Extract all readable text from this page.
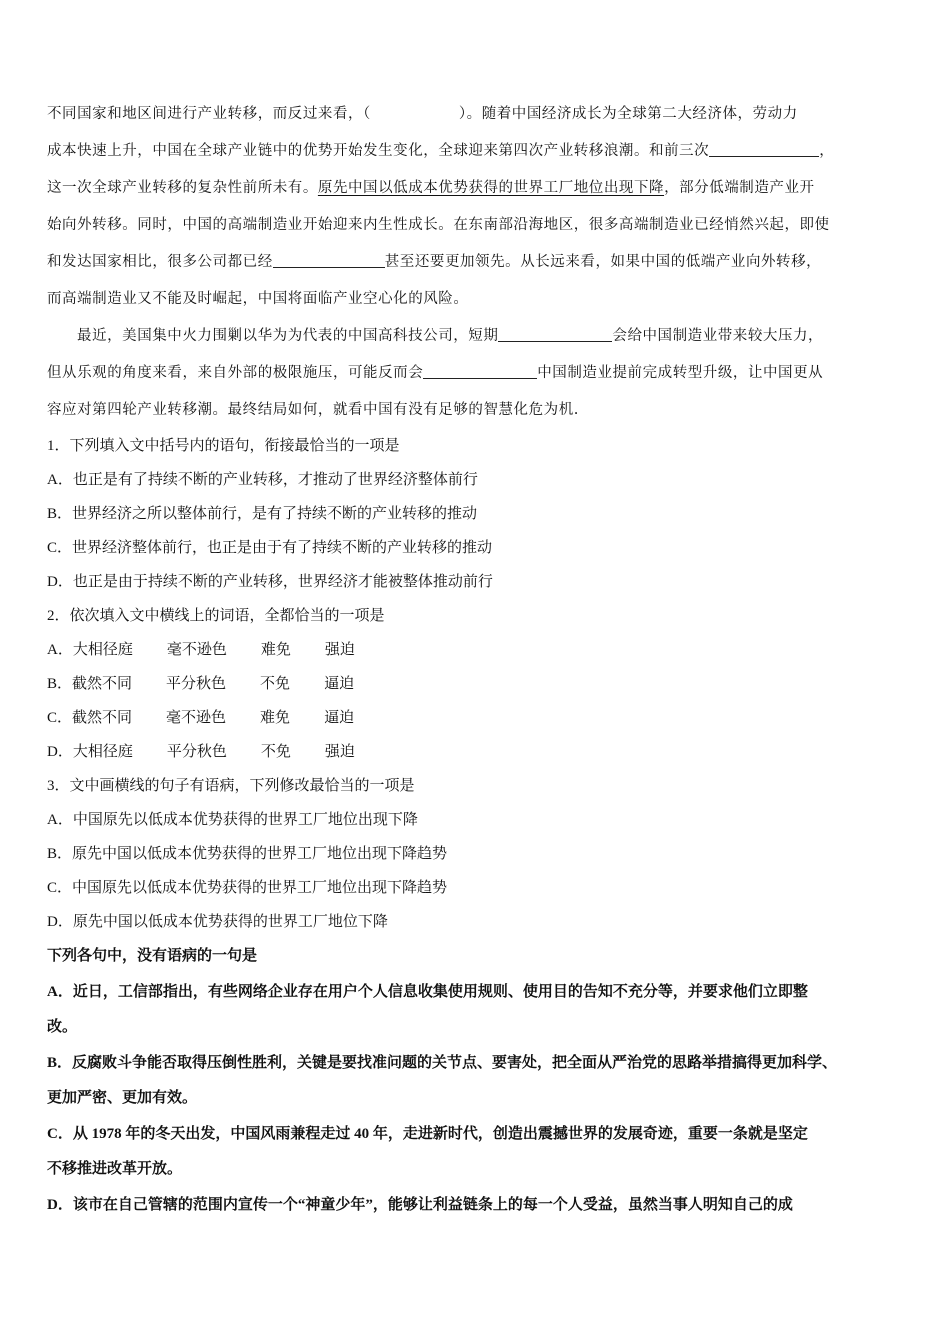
不同国家和地区间进行产业转移，而反过来看，（	）。随着中国经济成长为全球第二大经济体，劳动力
成本快速上升，中国在全球产业链中的优势开始发生变化，全球迎来第四次产业转移浪潮。和前三次	，
这一次全球产业转移的复杂性前所未有。原先中国以低成本优势获得的世界工厂地位出现下降，部分低端制造产业开
始向外转移。同时，中国的高端制造业开始迎来内生性成长。在东南部沿海地区，很多高端制造业已经悄然兴起，即使
和发达国家相比，很多公司都已经	甚至还要更加领先。从长远来看，如果中国的低端产业向外转移，
而高端制造业又不能及时崛起，中国将面临产业空心化的风险。
最近，美国集中火力围剿以华为为代表的中国高科技公司，短期	会给中国制造业带来较大压力，
但从乐观的角度来看，来自外部的极限施压，可能反而会	中国制造业提前完成转型升级，让中国更从
容应对第四轮产业转移潮。最终结局如何，就看中国有没有足够的智慧化危为机.
1．下列填入文中括号内的语句，衔接最恰当的一项是
A．也正是有了持续不断的产业转移，才推动了世界经济整体前行
B．世界经济之所以整体前行，是有了持续不断的产业转移的推动
C．世界经济整体前行，也正是由于有了持续不断的产业转移的推动
D．也正是由于持续不断的产业转移，世界经济才能被整体推动前行
2．依次填入文中横线上的词语，全都恰当的一项是
A．大相径庭 毫不逊色 难免 强迫
B．截然不同 平分秋色 不免 逼迫
C．截然不同 毫不逊色 难免 逼迫
D．大相径庭 平分秋色 不免 强迫
3．文中画横线的句子有语病，下列修改最恰当的一项是
A．中国原先以低成本优势获得的世界工厂地位出现下降
B．原先中国以低成本优势获得的世界工厂地位出现下降趋势
C．中国原先以低成本优势获得的世界工厂地位出现下降趋势
D．原先中国以低成本优势获得的世界工厂地位下降
下列各句中，没有语病的一句是
A．近日，工信部指出，有些网络企业存在用户个人信息收集使用规则、使用目的告知不充分等，并要求他们立即整
改。
B．反腐败斗争能否取得压倒性胜利，关键是要找准问题的关节点、要害处，把全面从严治党的思路举措搞得更加科学、
更加严密、更加有效。
C．从 1978 年的冬天出发，中国风雨兼程走过 40 年，走进新时代，创造出震撼世界的发展奇迹，重要一条就是坚定
不移推进改革开放。
D．该市在自己管辖的范围内宣传一个“神童少年”，能够让利益链条上的每一个人受益，虽然当事人明知自己的成
